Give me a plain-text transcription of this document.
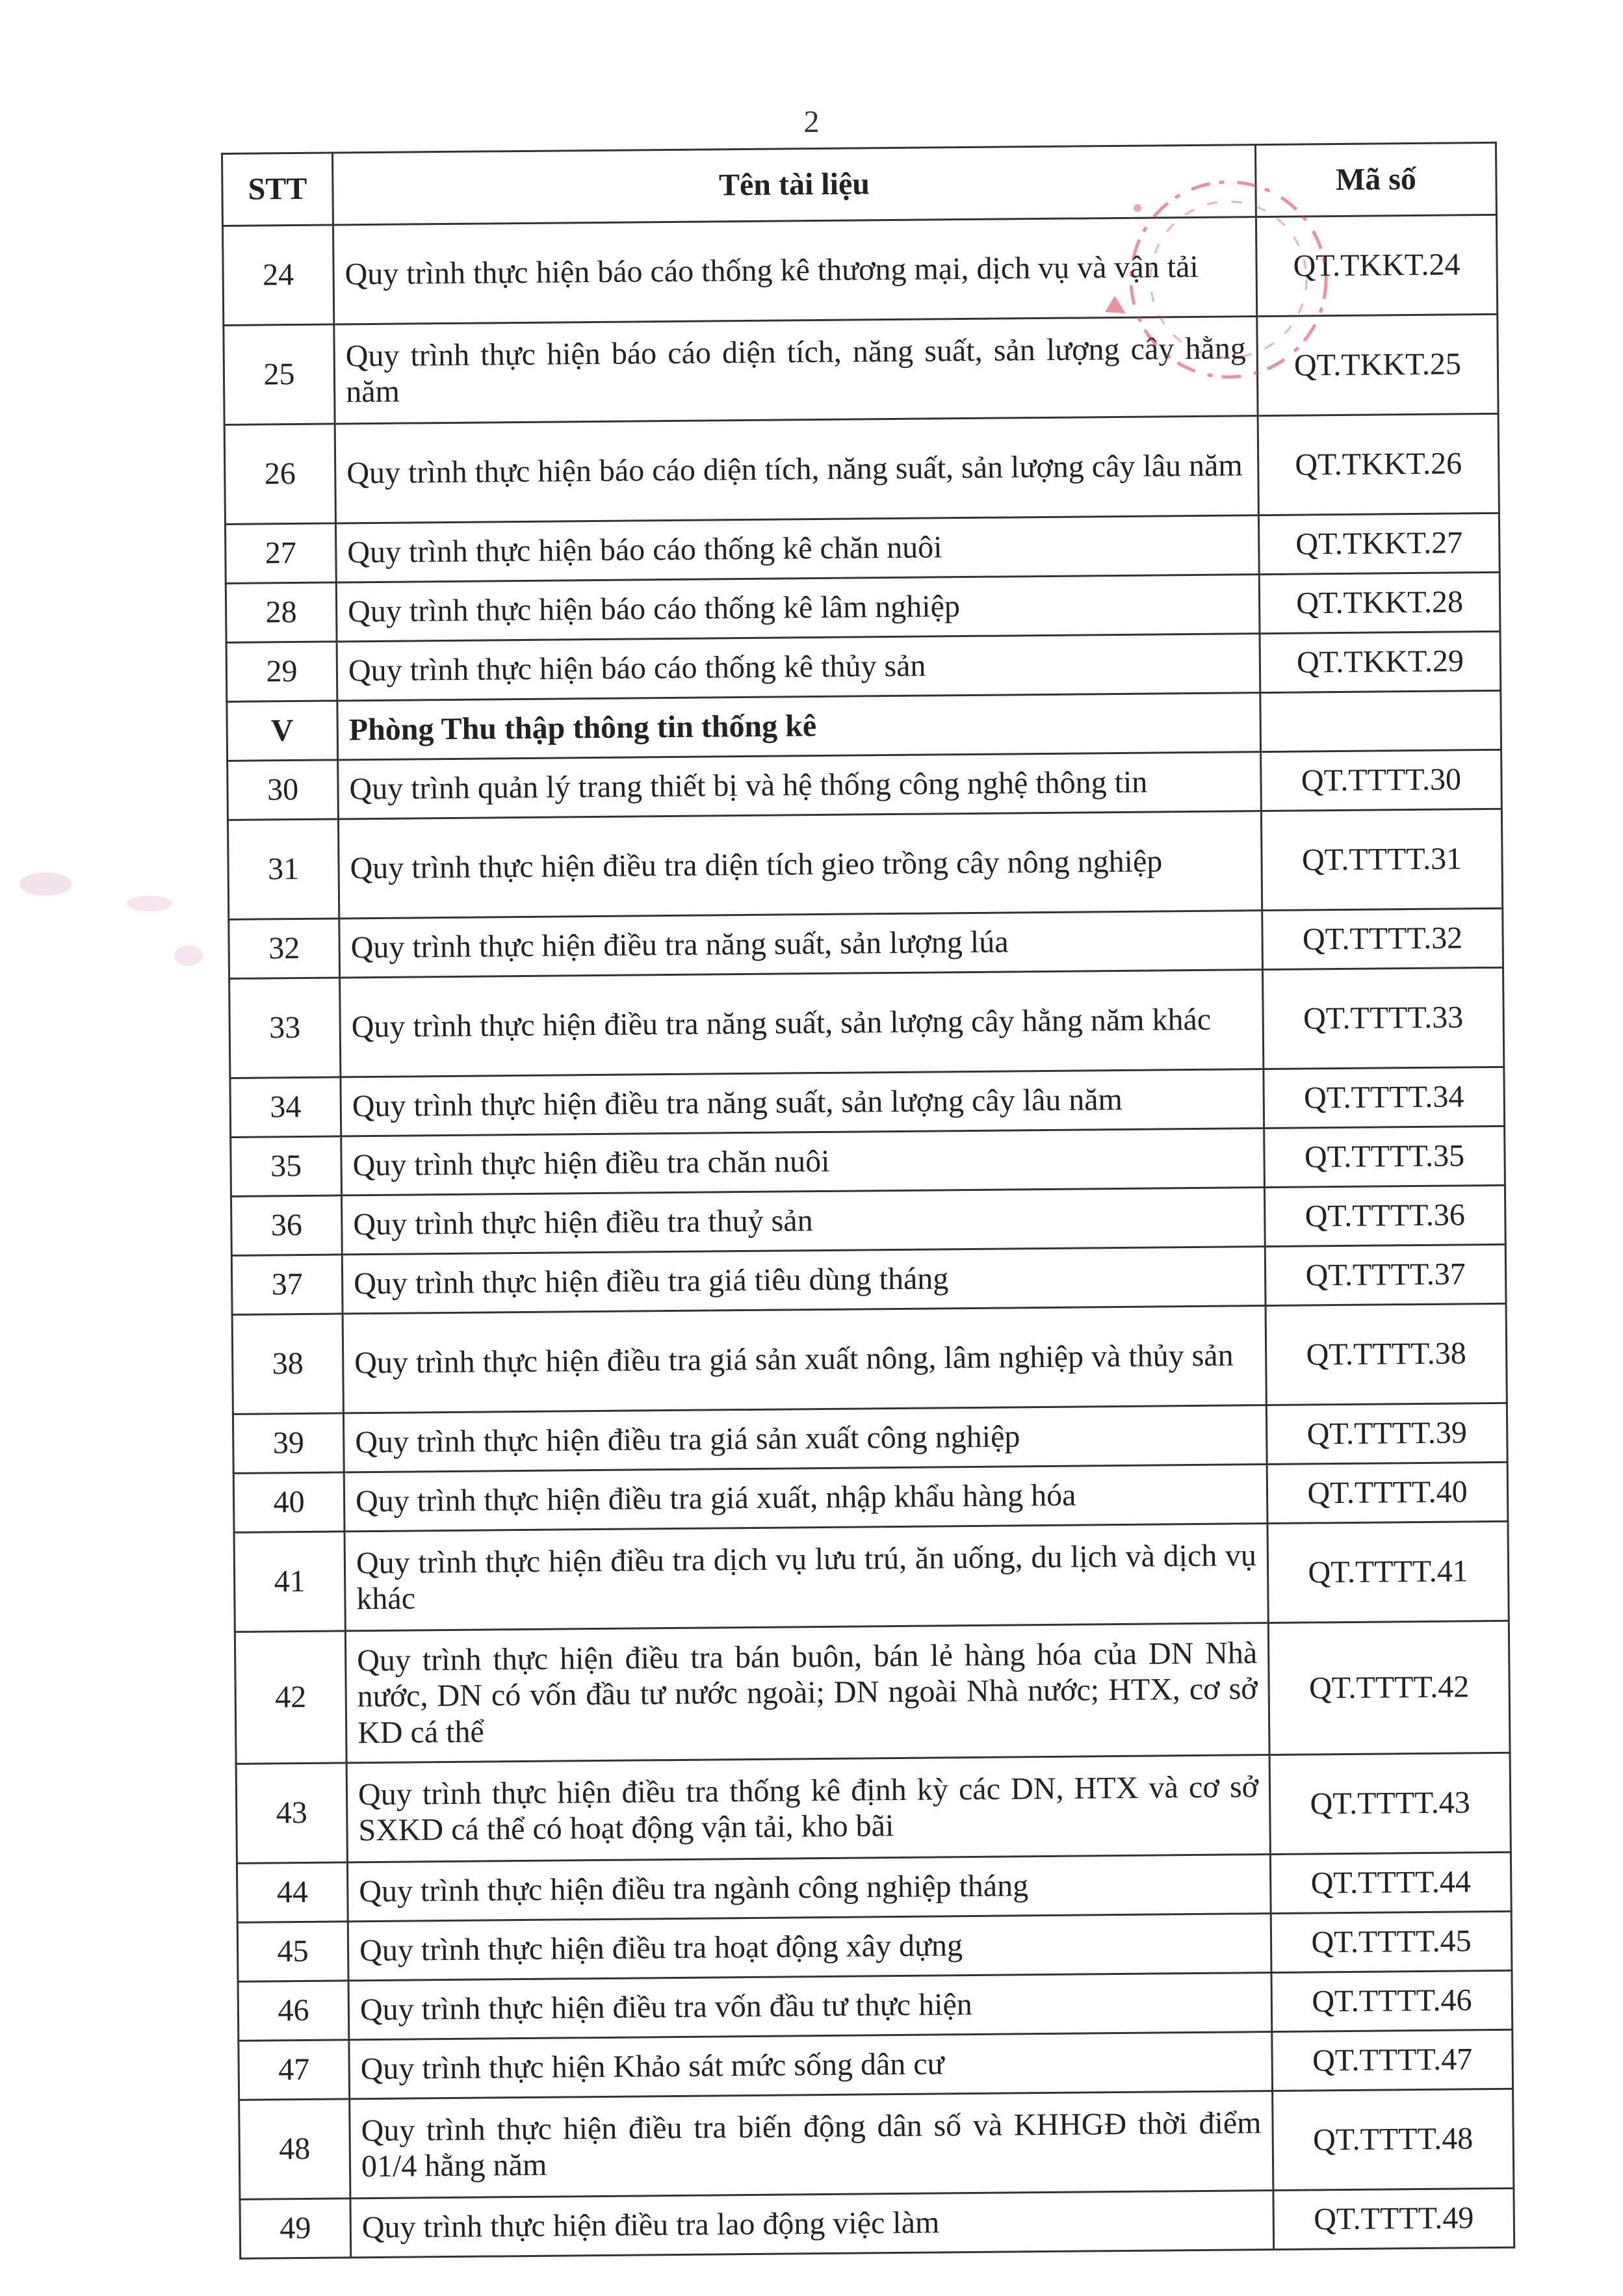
2
STT	Tên tài liệu	Mã số
24	Quy trình thực hiện báo cáo thống kê thương mại, dịch vụ và vận tải	QT.TKKT.24
25	Quy trình thực hiện báo cáo diện tích, năng suất, sản lượng cây hằng năm	QT.TKKT.25
26	Quy trình thực hiện báo cáo diện tích, năng suất, sản lượng cây lâu năm	QT.TKKT.26
27	Quy trình thực hiện báo cáo thống kê chăn nuôi	QT.TKKT.27
28	Quy trình thực hiện báo cáo thống kê lâm nghiệp	QT.TKKT.28
29	Quy trình thực hiện báo cáo thống kê thủy sản	QT.TKKT.29
V	Phòng Thu thập thông tin thống kê	
30	Quy trình quản lý trang thiết bị và hệ thống công nghệ thông tin	QT.TTTT.30
31	Quy trình thực hiện điều tra diện tích gieo trồng cây nông nghiệp	QT.TTTT.31
32	Quy trình thực hiện điều tra năng suất, sản lượng lúa	QT.TTTT.32
33	Quy trình thực hiện điều tra năng suất, sản lượng cây hằng năm khác	QT.TTTT.33
34	Quy trình thực hiện điều tra năng suất, sản lượng cây lâu năm	QT.TTTT.34
35	Quy trình thực hiện điều tra chăn nuôi	QT.TTTT.35
36	Quy trình thực hiện điều tra thuỷ sản	QT.TTTT.36
37	Quy trình thực hiện điều tra giá tiêu dùng tháng	QT.TTTT.37
38	Quy trình thực hiện điều tra giá sản xuất nông, lâm nghiệp và thủy sản	QT.TTTT.38
39	Quy trình thực hiện điều tra giá sản xuất công nghiệp	QT.TTTT.39
40	Quy trình thực hiện điều tra giá xuất, nhập khẩu hàng hóa	QT.TTTT.40
41	Quy trình thực hiện điều tra dịch vụ lưu trú, ăn uống, du lịch và dịch vụ khác	QT.TTTT.41
42	Quy trình thực hiện điều tra bán buôn, bán lẻ hàng hóa của DN Nhà nước, DN có vốn đầu tư nước ngoài; DN ngoài Nhà nước; HTX, cơ sở KD cá thể	QT.TTTT.42
43	Quy trình thực hiện điều tra thống kê định kỳ các DN, HTX và cơ sở SXKD cá thể có hoạt động vận tải, kho bãi	QT.TTTT.43
44	Quy trình thực hiện điều tra ngành công nghiệp tháng	QT.TTTT.44
45	Quy trình thực hiện điều tra hoạt động xây dựng	QT.TTTT.45
46	Quy trình thực hiện điều tra vốn đầu tư thực hiện	QT.TTTT.46
47	Quy trình thực hiện Khảo sát mức sống dân cư	QT.TTTT.47
48	Quy trình thực hiện điều tra biến động dân số và KHHGĐ thời điểm 01/4 hằng năm	QT.TTTT.48
49	Quy trình thực hiện điều tra lao động việc làm	QT.TTTT.49
